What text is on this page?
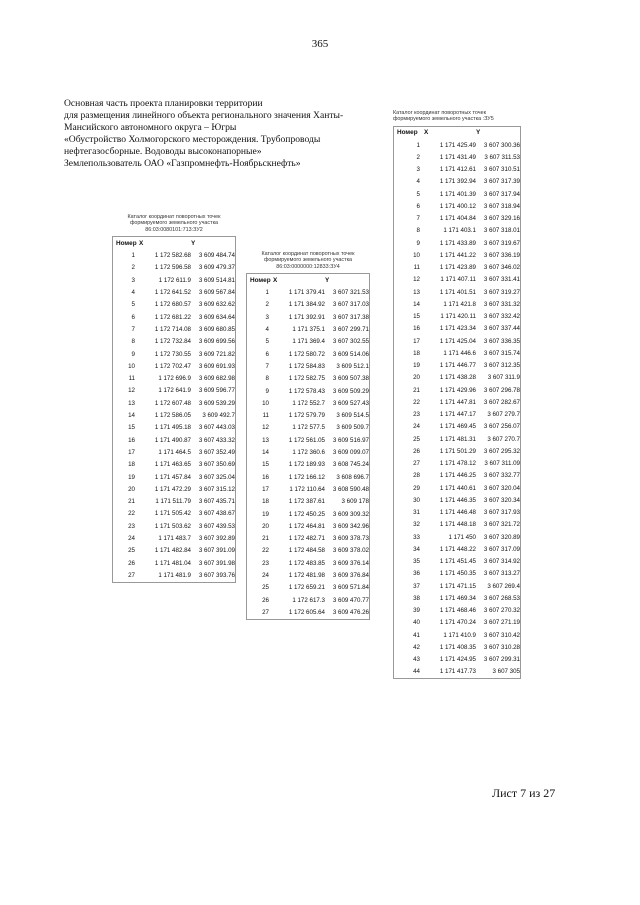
365
Основная часть проекта планировки территории
для размещения линейного объекта регионального значения Ханты-
Мансийского автономного округа – Югры
«Обустройство Холмогорского месторождения. Трубопроводы
нефтегазосборные. Водоводы высоконапорные»
Землепользователь ОАО «Газпромнефть-Ноябрьскнефть»
Каталог координат поворотных точек
формируемого земельного участка
86:03:0080101:713:ЗУ2
Номер X	Y
1	1 172 582.68	3 609 484.74
2	1 172 596.58	3 609 479.37
3	1 172 611.9	3 609 514.81
4	1 172 641.52	3 609 567.84
5	1 172 680.57	3 609 632.62
6	1 172 681.22	3 609 634.64
7	1 172 714.08	3 609 680.85
8	1 172 732.84	3 609 699.56
9	1 172 730.55	3 609 721.82
10	1 172 702.47	3 609 691.93
11	1 172 696.9	3 609 682.98
12	1 172 641.9	3 609 596.77
13	1 172 607.48	3 609 539.29
14	1 172 586.05	3 609 492.7
15	1 171 495.18	3 607 443.03
16	1 171 490.87	3 607 433.32
17	1 171 464.5	3 607 352.49
18	1 171 463.65	3 607 350.69
19	1 171 457.84	3 607 325.04
20	1 171 472.29	3 607 315.12
21	1 171 511.79	3 607 435.71
22	1 171 505.42	3 607 438.67
23	1 171 503.62	3 607 439.53
24	1 171 483.7	3 607 392.89
25	1 171 482.84	3 607 391.09
26	1 171 481.04	3 607 391.98
27	1 171 481.9	3 607 393.76
Каталог координат поворотных точек
формируемого земельного участка
86:03:0000000:12833:ЗУ4
Номер X	Y
1	1 171 379.41	3 607 321.53
2	1 171 384.92	3 607 317.03
3	1 171 392.91	3 607 317.38
4	1 171 375.1	3 607 299.71
5	1 171 369.4	3 607 302.55
6	1 172 580.72	3 609 514.06
7	1 172 584.83	3 609 512.1
8	1 172 582.75	3 609 507.38
9	1 172 578.43	3 609 509.29
10	1 172 552.7	3 609 527.43
11	1 172 579.79	3 609 514.5
12	1 172 577.5	3 609 509.7
13	1 172 561.05	3 609 516.97
14	1 172 360.6	3 609 099.07
15	1 172 189.93	3 608 745.24
16	1 172 166.12	3 608 696.7
17	1 172 110.64	3 608 590.48
18	1 172 387.61	3 609 178
19	1 172 450.25	3 609 309.32
20	1 172 464.81	3 609 342.96
21	1 172 482.71	3 609 378.73
22	1 172 484.58	3 609 378.02
23	1 172 483.85	3 609 376.14
24	1 172 481.98	3 609 376.84
25	1 172 659.21	3 609 571.84
26	1 172 617.3	3 609 470.77
27	1 172 605.64	3 609 476.26
Каталог координат поворотных точек
формируемого земельного участка :ЗУ5
Номер X	Y
1	1 171 425.49	3 607 300.36
2	1 171 431.49	3 607 311.53
3	1 171 412.61	3 607 310.51
4	1 171 392.94	3 607 317.39
5	1 171 401.39	3 607 317.94
6	1 171 400.12	3 607 318.94
7	1 171 404.84	3 607 329.16
8	1 171 403.1	3 607 318.01
9	1 171 433.89	3 607 319.67
10	1 171 441.22	3 607 336.19
11	1 171 423.89	3 607 346.02
12	1 171 407.11	3 607 331.41
13	1 171 401.51	3 607 319.27
14	1 171 421.8	3 607 331.32
15	1 171 420.11	3 607 332.42
16	1 171 423.34	3 607 337.44
17	1 171 425.04	3 607 336.35
18	1 171 446.6	3 607 315.74
19	1 171 446.77	3 607 312.35
20	1 171 438.28	3 607 311.9
21	1 171 429.96	3 607 296.78
22	1 171 447.81	3 607 282.67
23	1 171 447.17	3 607 279.7
24	1 171 469.45	3 607 256.07
25	1 171 481.31	3 607 270.7
26	1 171 501.29	3 607 295.32
27	1 171 478.12	3 607 311.09
28	1 171 446.25	3 607 332.77
29	1 171 440.61	3 607 320.04
30	1 171 446.35	3 607 320.34
31	1 171 446.48	3 607 317.93
32	1 171 448.18	3 607 321.72
33	1 171 450	3 607 320.89
34	1 171 448.22	3 607 317.09
35	1 171 451.45	3 607 314.92
36	1 171 450.35	3 607 313.27
37	1 171 471.15	3 607 269.4
38	1 171 469.34	3 607 268.53
39	1 171 468.46	3 607 270.32
40	1 171 470.24	3 607 271.19
41	1 171 410.9	3 607 310.42
42	1 171 408.35	3 607 310.28
43	1 171 424.95	3 607 299.31
44	1 171 417.73	3 607 305
Лист 7 из 27
